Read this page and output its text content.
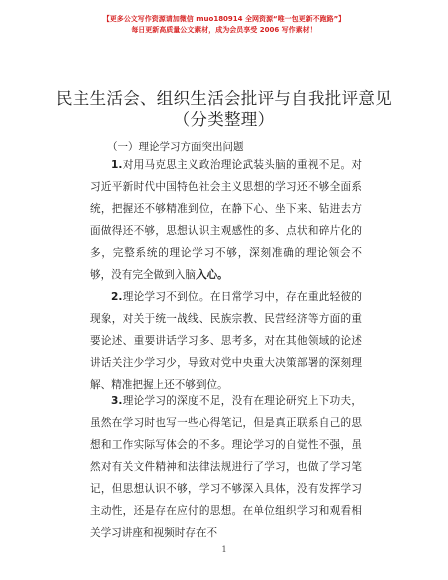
【更多公文写作资源请加微信 muo180914 全网资源“唯一包更新不跑路”】
每日更新高质量公文素材，成为会员享受 2006 写作素材！
民主生活会、组织生活会批评与自我批评意见
（分类整理）
（一）理论学习方面突出问题
1.对用马克思主义政治理论武装头脑的重视不足。对习近平新时代中国特色社会主义思想的学习还不够全面系统，把握还不够精准到位，在静下心、坐下来、钻进去方面做得还不够，思想认识主观感性的多、点状和碎片化的多，完整系统的理论学习不够，深刻准确的理论领会不够，没有完全做到入脑入心。
2.理论学习不到位。在日常学习中，存在重此轻彼的现象，对关于统一战线、民族宗教、民营经济等方面的重要论述、重要讲话学习多、思考多，对在其他领域的论述讲话关注少学习少，导致对党中央重大决策部署的深刻理解、精准把握上还不够到位。
3.理论学习的深度不足，没有在理论研究上下功夫，虽然在学习时也写一些心得笔记，但是真正联系自己的思想和工作实际写体会的不多。理论学习的自觉性不强，虽然对有关文件精神和法律法规进行了学习，也做了学习笔记，但思想认识不够，学习不够深入具体，没有发挥学习主动性，还是存在应付的思想。在单位组织学习和观看相关学习讲座和视频时存在不
1
